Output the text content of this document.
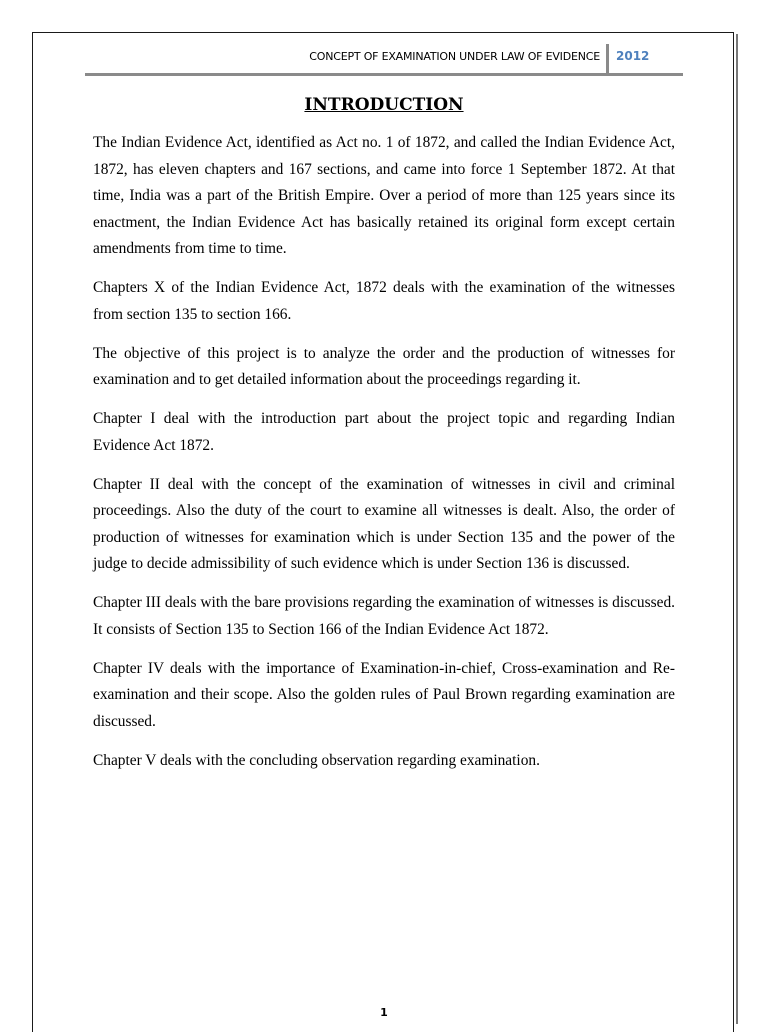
CONCEPT OF EXAMINATION UNDER LAW OF EVIDENCE 2012
INTRODUCTION

The Indian Evidence Act, identified as Act no. 1 of 1872, and called the Indian Evidence Act, 1872, has eleven chapters and 167 sections, and came into force 1 September 1872. At that time, India was a part of the British Empire. Over a period of more than 125 years since its enactment, the Indian Evidence Act has basically retained its original form except certain amendments from time to time.

Chapters X of the Indian Evidence Act, 1872 deals with the examination of the witnesses from section 135 to section 166.

The objective of this project is to analyze the order and the production of witnesses for examination and to get detailed information about the proceedings regarding it.

Chapter I deal with the introduction part about the project topic and regarding Indian Evidence Act 1872.

Chapter II deal with the concept of the examination of witnesses in civil and criminal proceedings. Also the duty of the court to examine all witnesses is dealt. Also, the order of production of witnesses for examination which is under Section 135 and the power of the judge to decide admissibility of such evidence which is under Section 136 is discussed.

Chapter III deals with the bare provisions regarding the examination of witnesses is discussed. It consists of Section 135 to Section 166 of the Indian Evidence Act 1872.

Chapter IV deals with the importance of Examination-in-chief, Cross-examination and Re-examination and their scope. Also the golden rules of Paul Brown regarding examination are discussed.

Chapter V deals with the concluding observation regarding examination.

1
